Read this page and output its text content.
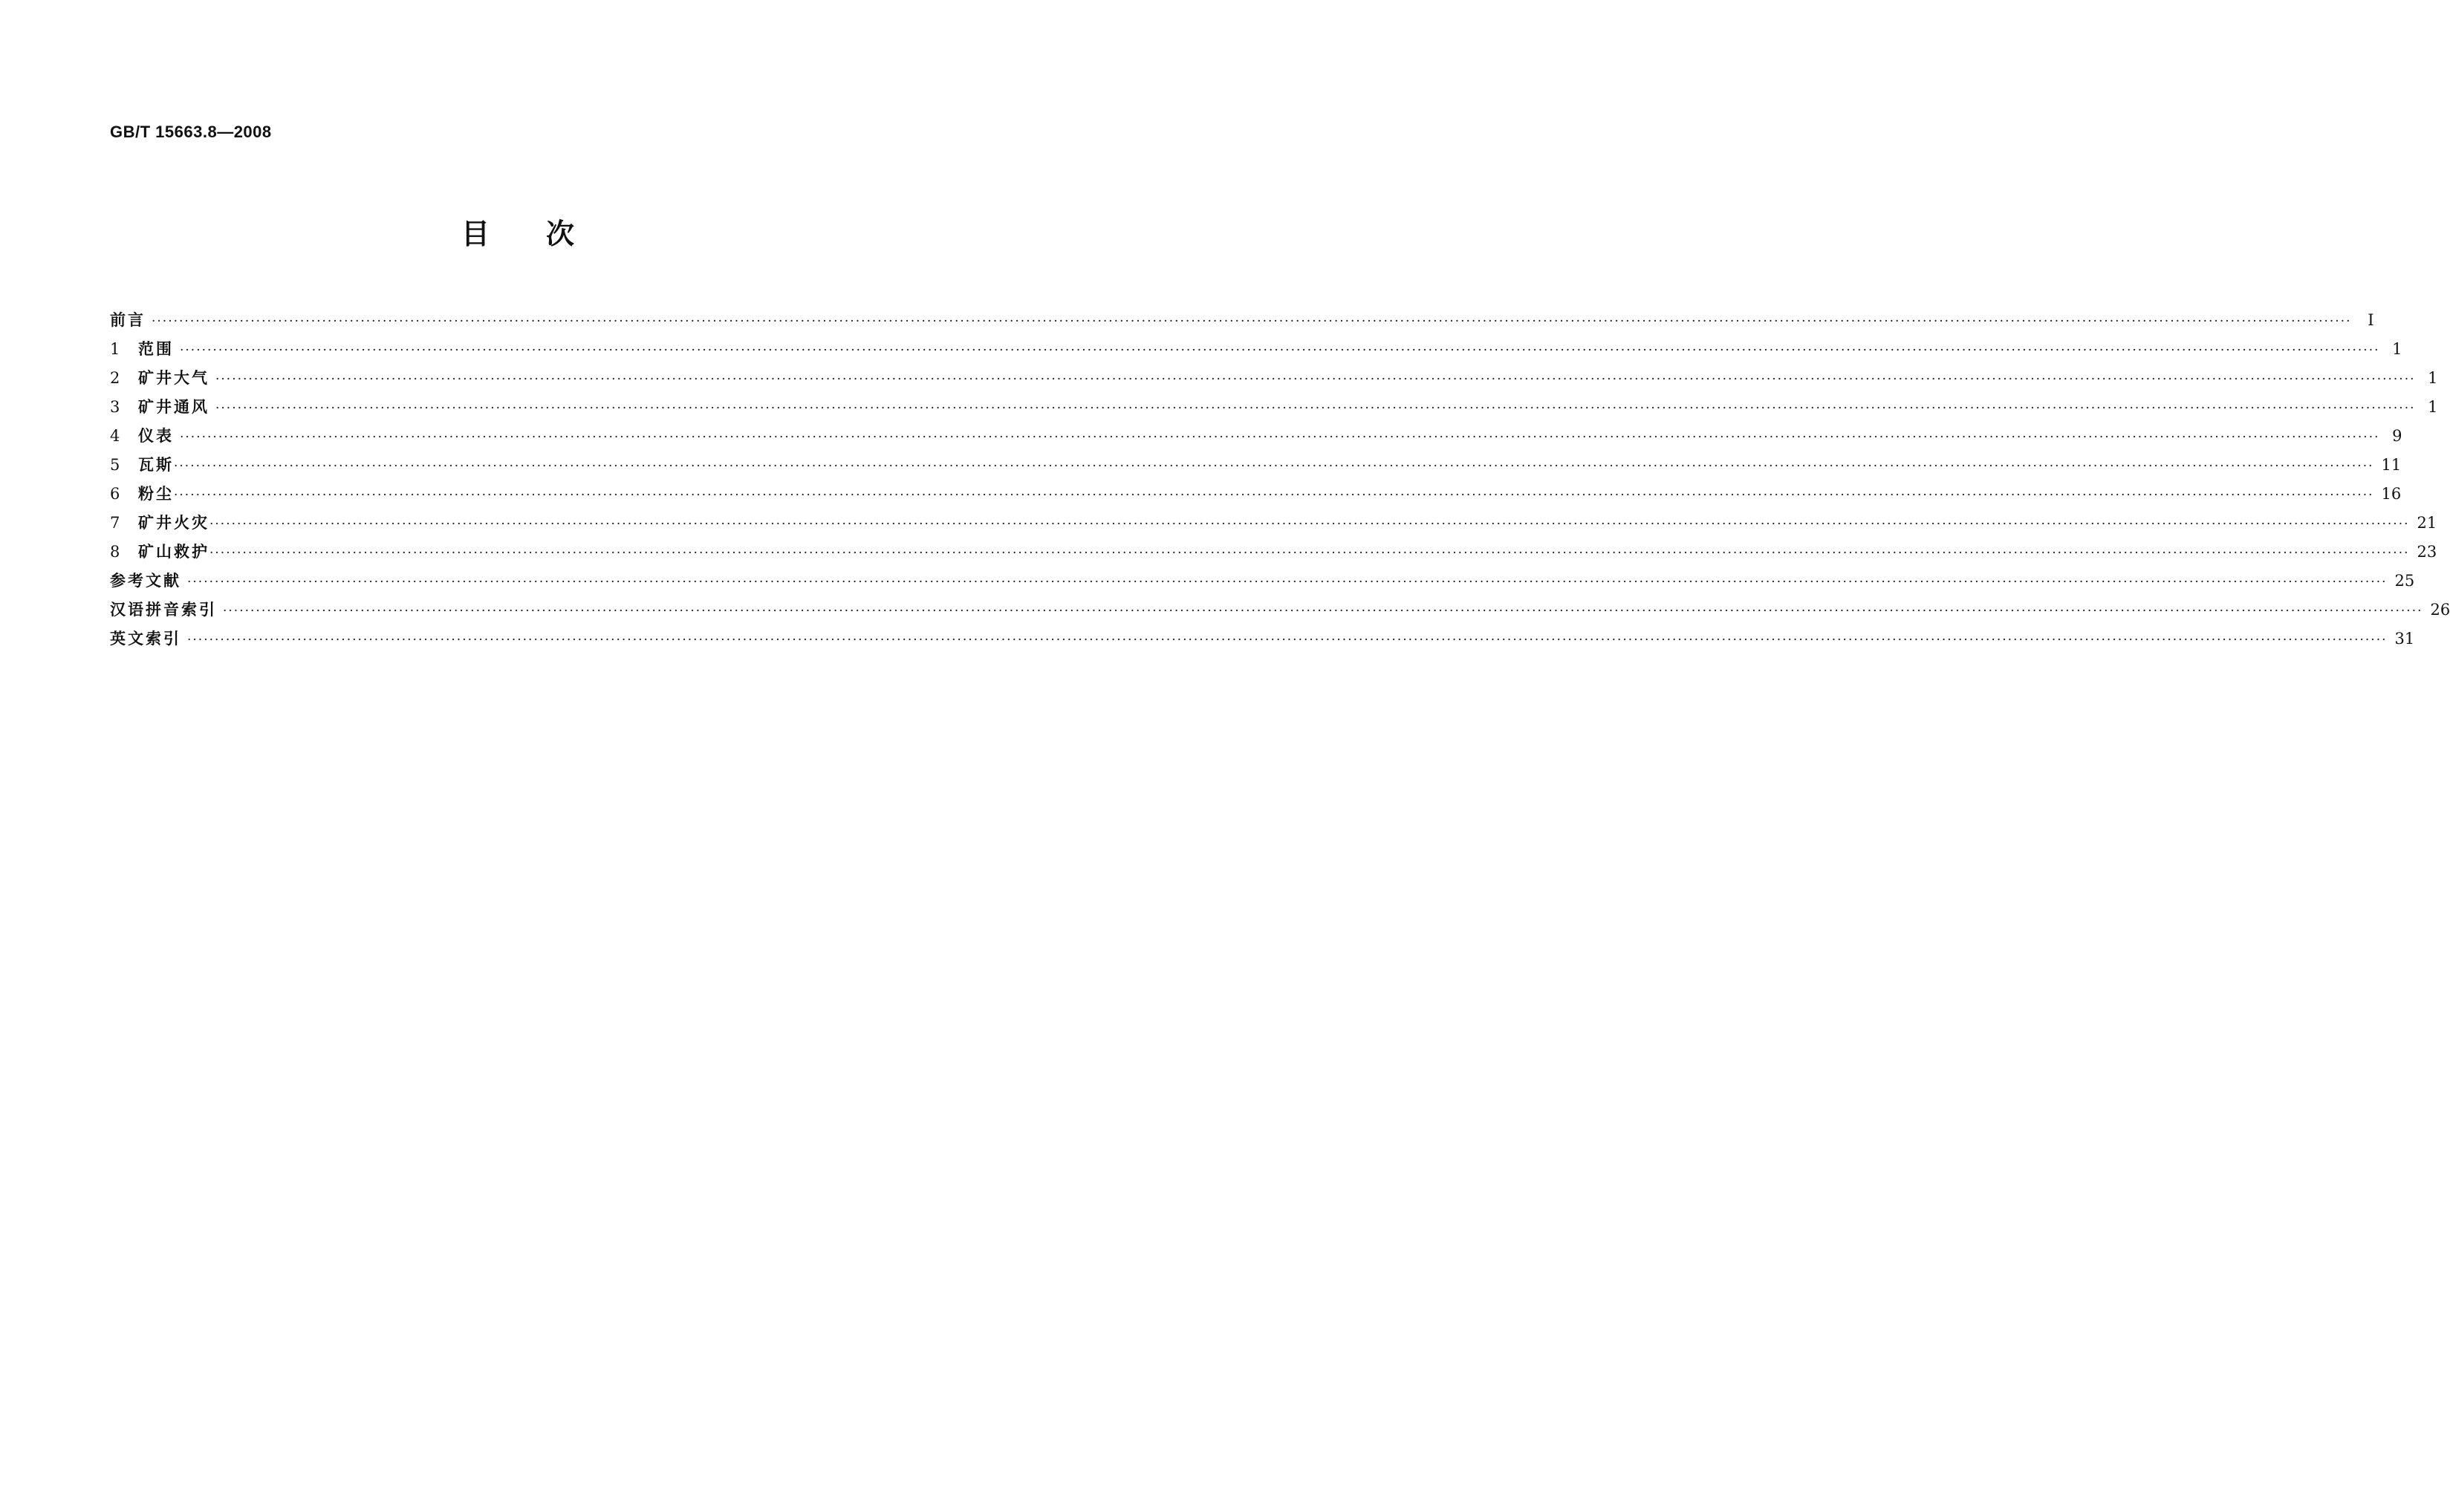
GB/T 15663.8—2008
目　　次
前言 ················································································································································································································································································································································································································	Ⅰ
1	范围 ················································································································································································································································································································································································································ 1
2	矿井大气 ················································································································································································································································································································································································································ 1
3	矿井通风 ················································································································································································································································································································································································································ 1
4	仪表 ················································································································································································································································································································································································································ 9
5	瓦斯 ················································································································································································································································································································································································································ 11
6	粉尘 ················································································································································································································································································································································································································ 16
7	矿井火灾 ················································································································································································································································································································································································································ 21
8	矿山救护 ················································································································································································································································································································································································································ 23
参考文献 ················································································································································································································································································································································································································ 25
汉语拼音索引 ················································································································································································································································································································································································································ 26
英文索引 ················································································································································································································································································································································································································ 31
